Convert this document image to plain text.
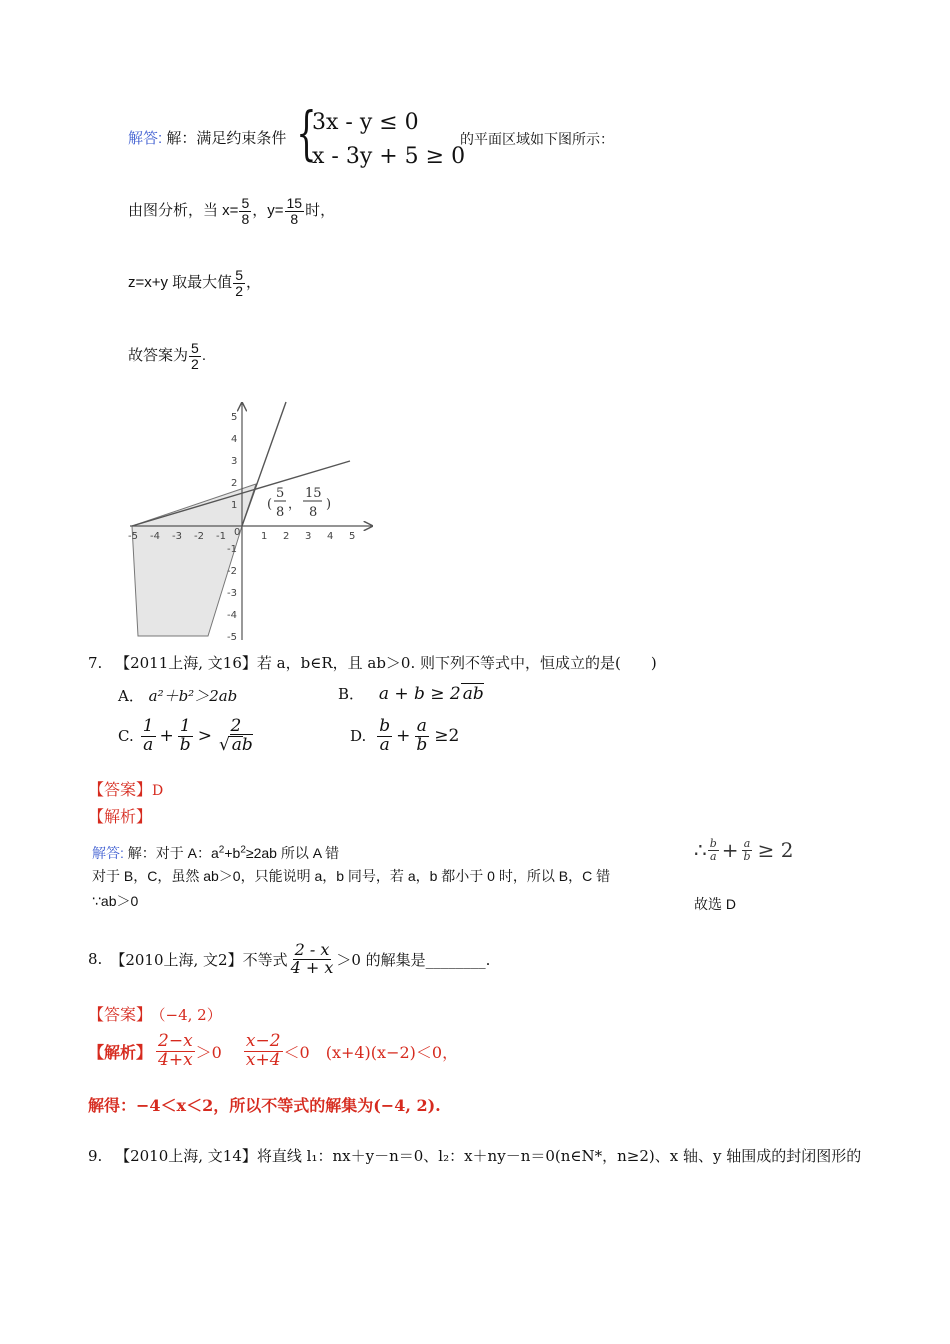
解答: 解：满足约束条件 {
3x - y ≤ 0
x - 3y + 5 ≥ 0
的平面区域如下图所示：
由图分析，当 $x= \frac{5}{8}$ ，$y= \frac{15}{8}$ 时，
z=x+y 取最大值 $\frac{5}{2}$ ，
故答案为 $\frac{5}{2}$ .
-5 -4 -3 -2 -1	1 2 3 4 5
5
4
3
2
1
-1
-2
-3
-4
-5
0
(
5
8
，
15
8
)
7. 【2011上海, 文16】若 a，b∈R，且 ab＞0. 则下列不等式中，恒成立的是(　　)
A． a²＋b²＞2ab	B． a + b ≥ 2 ab
C. $\frac{1}{a} + \frac{1}{b} > \frac{2}{√ ab}$	D. $\frac{b}{a} + \frac{a}{b} \ge 2$
【答案】D
【解析】
解答: 解：对于 A：$a^2+b^2\ge 2ab$ 所以 A 错
对于 B，C，虽然 ab＞0，只能说明 a，b 同号，若 a，b 都小于 0 时，所以 B，C 错
∵ab＞0
∴ $\frac{b}{a} + \frac{a}{b} \ge 2$
故选 D
8. 【2010上海, 文2】 不等式 $\frac{2 - x}{4 + x} >0$ 的解集是________.
【答案】 （−4, 2）
【解析】 $\frac{2-x}{4+x} >0 \frac{x-2}{x+4} <0$ (x+4)(x−2)＜0，
解得：−4＜x＜2，所以不等式的解集为(−4, 2).
9. 【2010上海, 文14】将直线 l₁：nx＋y－n＝0、l₂：x＋ny－n＝0(n∈N*，n≥2)、x 轴、y 轴围成的封闭图形的
